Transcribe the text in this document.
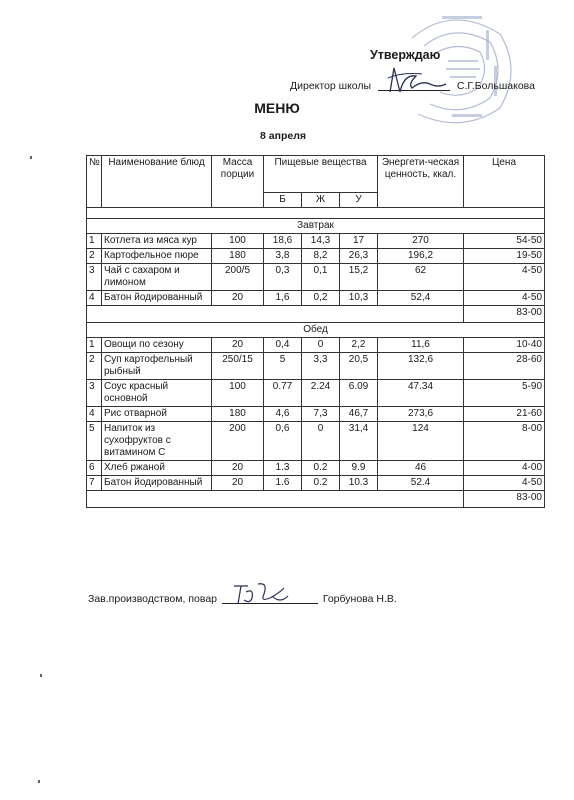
Утверждаю
Директор школы	С.Г.Большакова
МЕНЮ
8 апреля
№	Наименование блюд	Масса порции	Пищевые вещества			Энергети-ческая ценность, ккал.	Цена
			Б	Ж	У		

Завтрак							
1	Котлета из мяса кур	100	18,6	14,3	17	270	54-50
2	Картофельное пюре	180	3,8	8,2	26,3	196,2	19-50
3	Чай с сахаром и лимоном	200/5	0,3	0,1	15,2	62	4-50
4	Батон йодированный	20	1,6	0,2	10,3	52,4	4-50
							83-00
Обед							
1	Овощи по сезону	20	0,4	0	2,2	11,6	10-40
2	Суп картофельный рыбный	250/15	5	3,3	20,5	132,6	28-60
3	Соус красный основной	100	0.77	2.24	6.09	47.34	5-90
4	Рис отварной	180	4,6	7,3	46,7	273,6	21-60
5	Напиток из сухофруктов с витамином С	200	0,6	0	31,4	124	8-00
6	Хлеб ржаной	20	1.3	0.2	9.9	46	4-00
7	Батон йодированный	20	1.6	0.2	10.3	52.4	4-50
							83-00
Зав.производством, повар	Горбунова Н.В.
